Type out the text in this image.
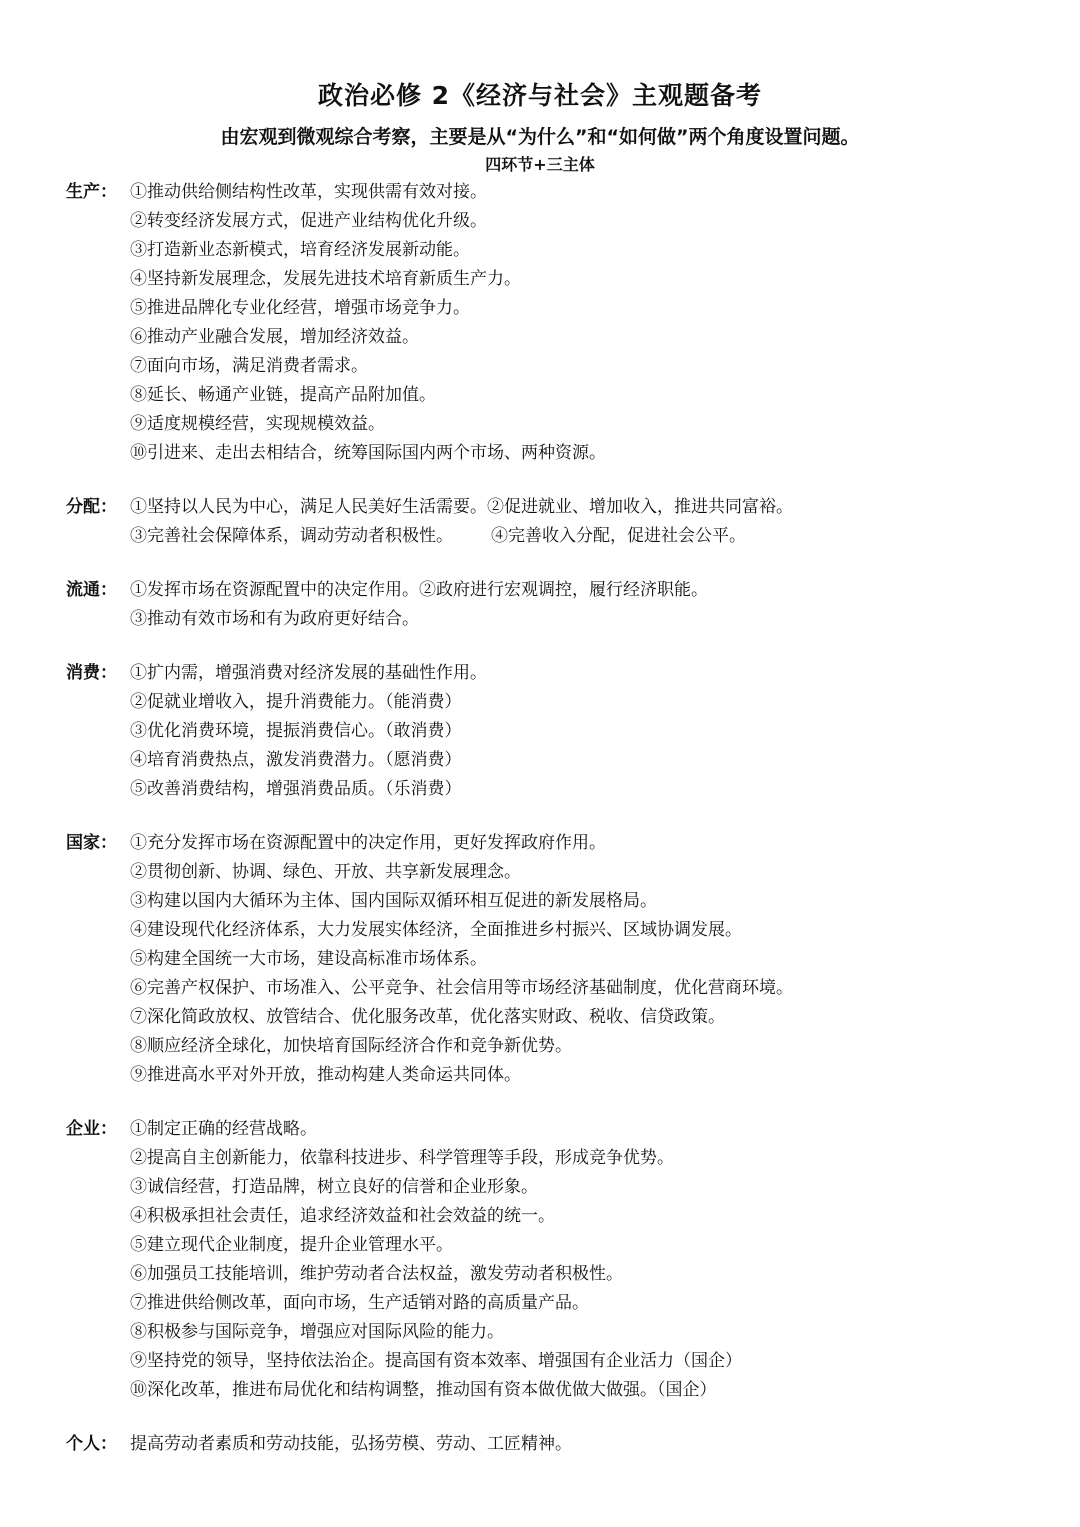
政治必修 2《经济与社会》主观题备考
由宏观到微观综合考察，主要是从“为什么”和“如何做”两个角度设置问题。
四环节+三主体
生产： ①推动供给侧结构性改革，实现供需有效对接。
②转变经济发展方式，促进产业结构优化升级。
③打造新业态新模式，培育经济发展新动能。
④坚持新发展理念，发展先进技术培育新质生产力。
⑤推进品牌化专业化经营，增强市场竞争力。
⑥推动产业融合发展，增加经济效益。
⑦面向市场，满足消费者需求。
⑧延长、畅通产业链，提高产品附加值。
⑨适度规模经营，实现规模效益。
⑩引进来、走出去相结合，统筹国际国内两个市场、两种资源。
分配： ①坚持以人民为中心，满足人民美好生活需要。②促进就业、增加收入，推进共同富裕。
③完善社会保障体系，调动劳动者积极性。 ④完善收入分配，促进社会公平。
流通： ①发挥市场在资源配置中的决定作用。②政府进行宏观调控，履行经济职能。
③推动有效市场和有为政府更好结合。
消费： ①扩内需，增强消费对经济发展的基础性作用。
②促就业增收入，提升消费能力。（能消费）
③优化消费环境，提振消费信心。（敢消费）
④培育消费热点，激发消费潜力。（愿消费）
⑤改善消费结构，增强消费品质。（乐消费）
国家： ①充分发挥市场在资源配置中的决定作用，更好发挥政府作用。
②贯彻创新、协调、绿色、开放、共享新发展理念。
③构建以国内大循环为主体、国内国际双循环相互促进的新发展格局。
④建设现代化经济体系，大力发展实体经济，全面推进乡村振兴、区域协调发展。
⑤构建全国统一大市场，建设高标准市场体系。
⑥完善产权保护、市场准入、公平竞争、社会信用等市场经济基础制度，优化营商环境。
⑦深化简政放权、放管结合、优化服务改革，优化落实财政、税收、信贷政策。
⑧顺应经济全球化，加快培育国际经济合作和竞争新优势。
⑨推进高水平对外开放，推动构建人类命运共同体。
企业： ①制定正确的经营战略。
②提高自主创新能力，依靠科技进步、科学管理等手段，形成竞争优势。
③诚信经营，打造品牌，树立良好的信誉和企业形象。
④积极承担社会责任，追求经济效益和社会效益的统一。
⑤建立现代企业制度，提升企业管理水平。
⑥加强员工技能培训，维护劳动者合法权益，激发劳动者积极性。
⑦推进供给侧改革，面向市场，生产适销对路的高质量产品。
⑧积极参与国际竞争，增强应对国际风险的能力。
⑨坚持党的领导，坚持依法治企。提高国有资本效率、增强国有企业活力（国企）
⑩深化改革，推进布局优化和结构调整，推动国有资本做优做大做强。（国企）
个人： 提高劳动者素质和劳动技能，弘扬劳模、劳动、工匠精神。
